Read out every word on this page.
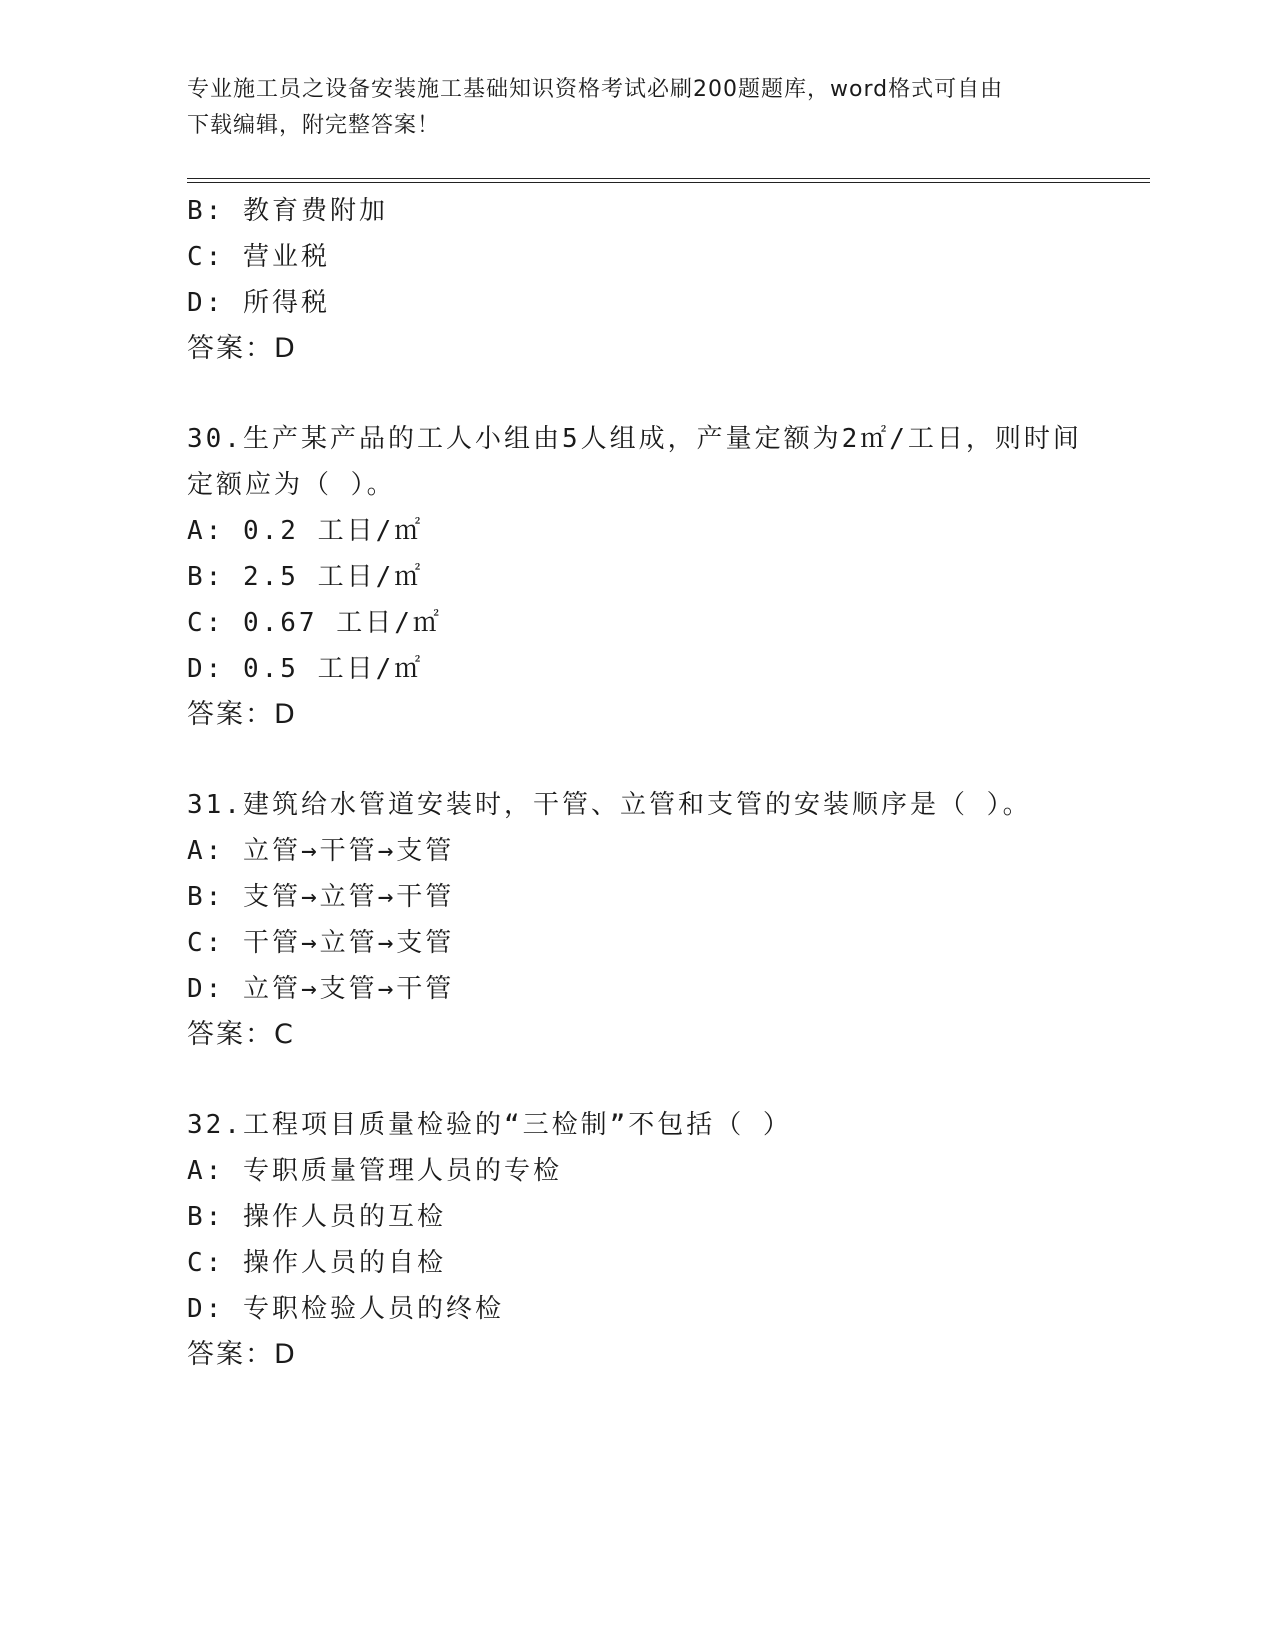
专业施工员之设备安装施工基础知识资格考试必刷200题题库，word格式可自由
下载编辑，附完整答案！
B: 教育费附加
C: 营业税
D: 所得税
答案：D
30.生产某产品的工人小组由5人组成，产量定额为2㎡/工日，则时间
定额应为（ ）。
A: 0.2 工日/㎡
B: 2.5 工日/㎡
C: 0.67 工日/㎡
D: 0.5 工日/㎡
答案：D
31.建筑给水管道安装时，干管、立管和支管的安装顺序是（ ）。
A: 立管→干管→支管
B: 支管→立管→干管
C: 干管→立管→支管
D: 立管→支管→干管
答案：C
32.工程项目质量检验的“三检制”不包括（ ）
A: 专职质量管理人员的专检
B: 操作人员的互检
C: 操作人员的自检
D: 专职检验人员的终检
答案：D
